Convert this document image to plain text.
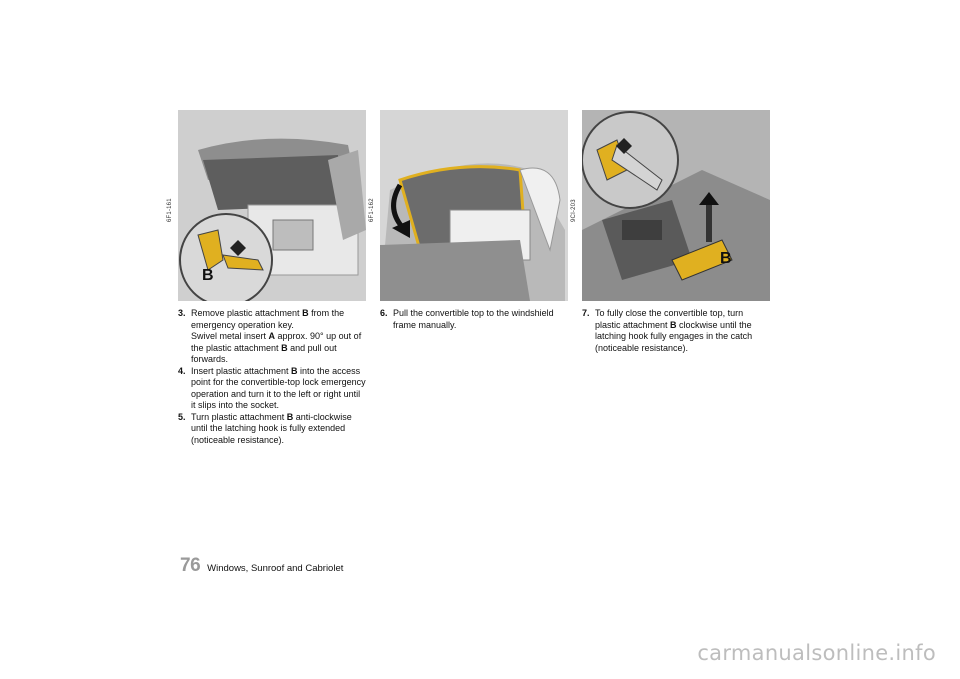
6F1-161
B
3. Remove plastic attachment B from the emergency operation key.
Swivel metal insert A approx. 90° up out of the plastic attachment B and pull out forwards.
4. Insert plastic attachment B into the access point for the convertible-top lock emergency operation and turn it to the left or right until it slips into the socket.
5. Turn plastic attachment B anti-clockwise until the latching hook is fully extended (noticeable resistance).
6F1-162
6. Pull the convertible top to the windshield frame manually.
9CI-203
B
7. To fully close the convertible top, turn plastic attachment B clockwise until the latching hook fully engages in the catch (noticeable resistance).
76 Windows, Sunroof and Cabriolet
carmanualsonline.info
